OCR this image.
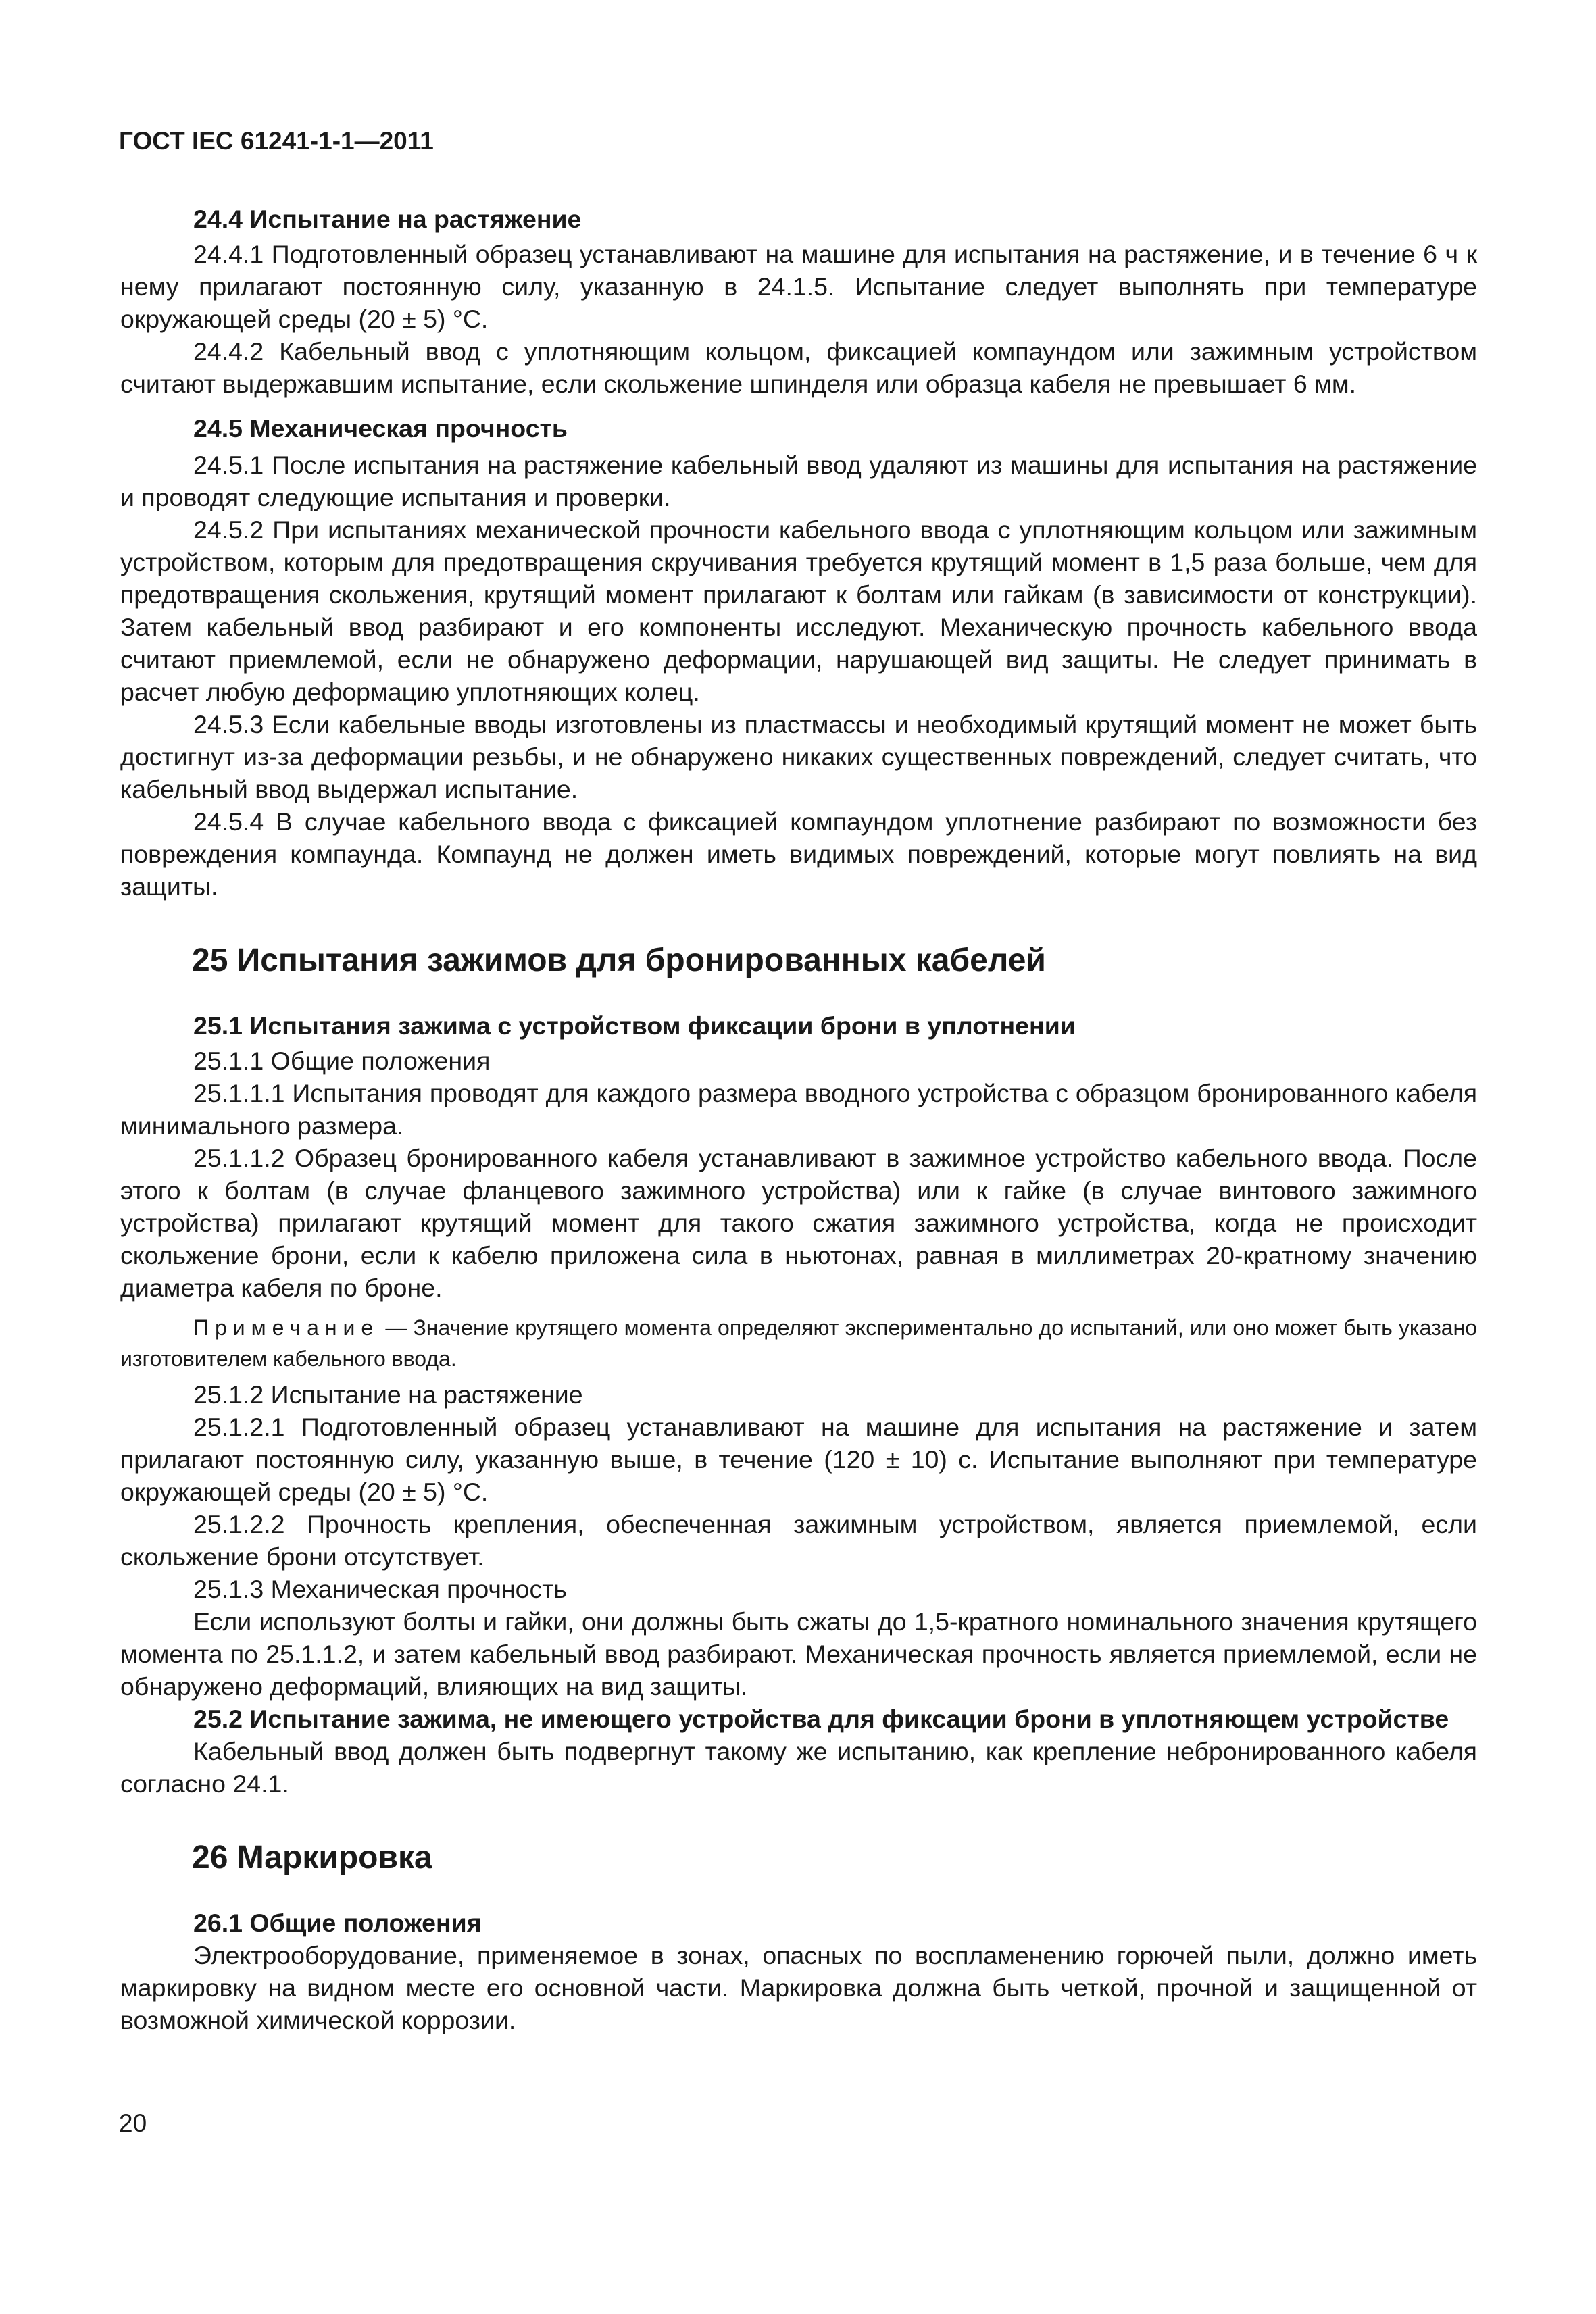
ГОСТ IEC 61241-1-1—2011

24.4 Испытание на растяжение

24.4.1 Подготовленный образец устанавливают на машине для испытания на растяжение, и в течение 6 ч к нему прилагают постоянную силу, указанную в 24.1.5. Испытание следует выполнять при температуре окружающей среды (20 ± 5) °С.

24.4.2 Кабельный ввод с уплотняющим кольцом, фиксацией компаундом или зажимным устройством считают выдержавшим испытание, если скольжение шпинделя или образца кабеля не превышает 6 мм.

24.5 Механическая прочность

24.5.1 После испытания на растяжение кабельный ввод удаляют из машины для испытания на растяжение и проводят следующие испытания и проверки.

24.5.2 При испытаниях механической прочности кабельного ввода с уплотняющим кольцом или зажимным устройством, которым для предотвращения скручивания требуется крутящий момент в 1,5 раза больше, чем для предотвращения скольжения, крутящий момент прилагают к болтам или гайкам (в зависимости от конструкции). Затем кабельный ввод разбирают и его компоненты исследуют. Механическую прочность кабельного ввода считают приемлемой, если не обнаружено деформации, нарушающей вид защиты. Не следует принимать в расчет любую деформацию уплотняющих колец.

24.5.3 Если кабельные вводы изготовлены из пластмассы и необходимый крутящий момент не может быть достигнут из-за деформации резьбы, и не обнаружено никаких существенных повреждений, следует считать, что кабельный ввод выдержал испытание.

24.5.4 В случае кабельного ввода с фиксацией компаундом уплотнение разбирают по возможности без повреждения компаунда. Компаунд не должен иметь видимых повреждений, которые могут повлиять на вид защиты.

25 Испытания зажимов для бронированных кабелей

25.1 Испытания зажима с устройством фиксации брони в уплотнении

25.1.1 Общие положения

25.1.1.1 Испытания проводят для каждого размера вводного устройства с образцом бронированного кабеля минимального размера.

25.1.1.2 Образец бронированного кабеля устанавливают в зажимное устройство кабельного ввода. После этого к болтам (в случае фланцевого зажимного устройства) или к гайке (в случае винтового зажимного устройства) прилагают крутящий момент для такого сжатия зажимного устройства, когда не происходит скольжение брони, если к кабелю приложена сила в ньютонах, равная в миллиметрах 20-кратному значению диаметра кабеля по броне.

Примечание — Значение крутящего момента определяют экспериментально до испытаний, или оно может быть указано изготовителем кабельного ввода.

25.1.2 Испытание на растяжение

25.1.2.1 Подготовленный образец устанавливают на машине для испытания на растяжение и затем прилагают постоянную силу, указанную выше, в течение (120 ± 10) с. Испытание выполняют при температуре окружающей среды (20 ± 5) °С.

25.1.2.2 Прочность крепления, обеспеченная зажимным устройством, является приемлемой, если скольжение брони отсутствует.

25.1.3 Механическая прочность

Если используют болты и гайки, они должны быть сжаты до 1,5-кратного номинального значения крутящего момента по 25.1.1.2, и затем кабельный ввод разбирают. Механическая прочность является приемлемой, если не обнаружено деформаций, влияющих на вид защиты.

25.2 Испытание зажима, не имеющего устройства для фиксации брони в уплотняющем устройстве

Кабельный ввод должен быть подвергнут такому же испытанию, как крепление небронированного кабеля согласно 24.1.

26 Маркировка

26.1 Общие положения

Электрооборудование, применяемое в зонах, опасных по воспламенению горючей пыли, должно иметь маркировку на видном месте его основной части. Маркировка должна быть четкой, прочной и защищенной от возможной химической коррозии.

20
